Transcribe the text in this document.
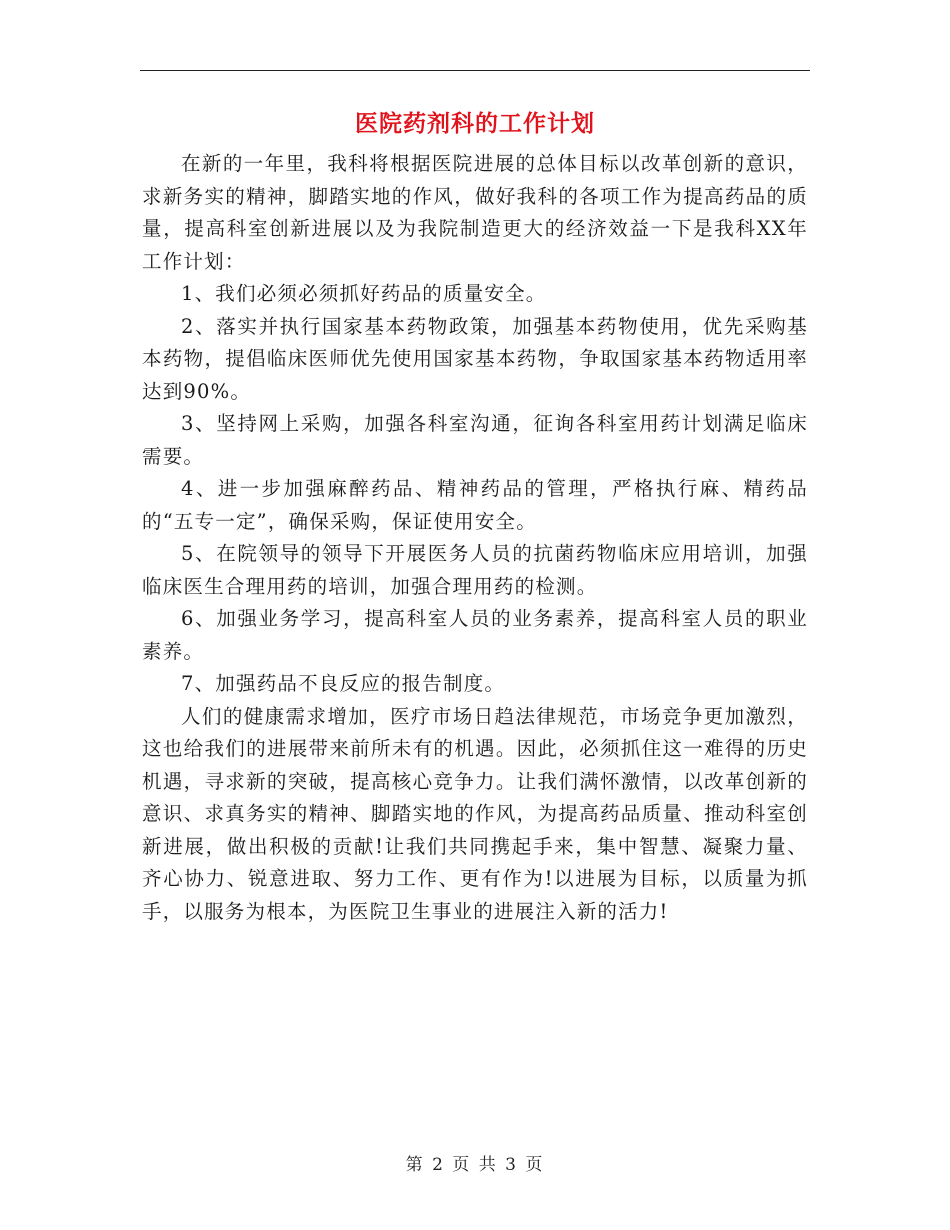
医院药剂科的工作计划

在新的一年里，我科将根据医院进展的总体目标以改革创新的意识，求新务实的精神，脚踏实地的作风，做好我科的各项工作为提高药品的质量，提高科室创新进展以及为我院制造更大的经济效益一下是我科XX年工作计划：

1、我们必须必须抓好药品的质量安全。

2、落实并执行国家基本药物政策，加强基本药物使用，优先采购基本药物，提倡临床医师优先使用国家基本药物，争取国家基本药物适用率达到90%。

3、坚持网上采购，加强各科室沟通，征询各科室用药计划满足临床需要。

4、进一步加强麻醉药品、精神药品的管理，严格执行麻、精药品的“五专一定”，确保采购，保证使用安全。

5、在院领导的领导下开展医务人员的抗菌药物临床应用培训，加强临床医生合理用药的培训，加强合理用药的检测。

6、加强业务学习，提高科室人员的业务素养，提高科室人员的职业素养。

7、加强药品不良反应的报告制度。

人们的健康需求增加，医疗市场日趋法律规范，市场竞争更加激烈，这也给我们的进展带来前所未有的机遇。因此，必须抓住这一难得的历史机遇，寻求新的突破，提高核心竞争力。让我们满怀激情，以改革创新的意识、求真务实的精神、脚踏实地的作风，为提高药品质量、推动科室创新进展，做出积极的贡献!让我们共同携起手来，集中智慧、凝聚力量、齐心协力、锐意进取、努力工作、更有作为!以进展为目标，以质量为抓手，以服务为根本，为医院卫生事业的进展注入新的活力!

第 2 页 共 3 页
